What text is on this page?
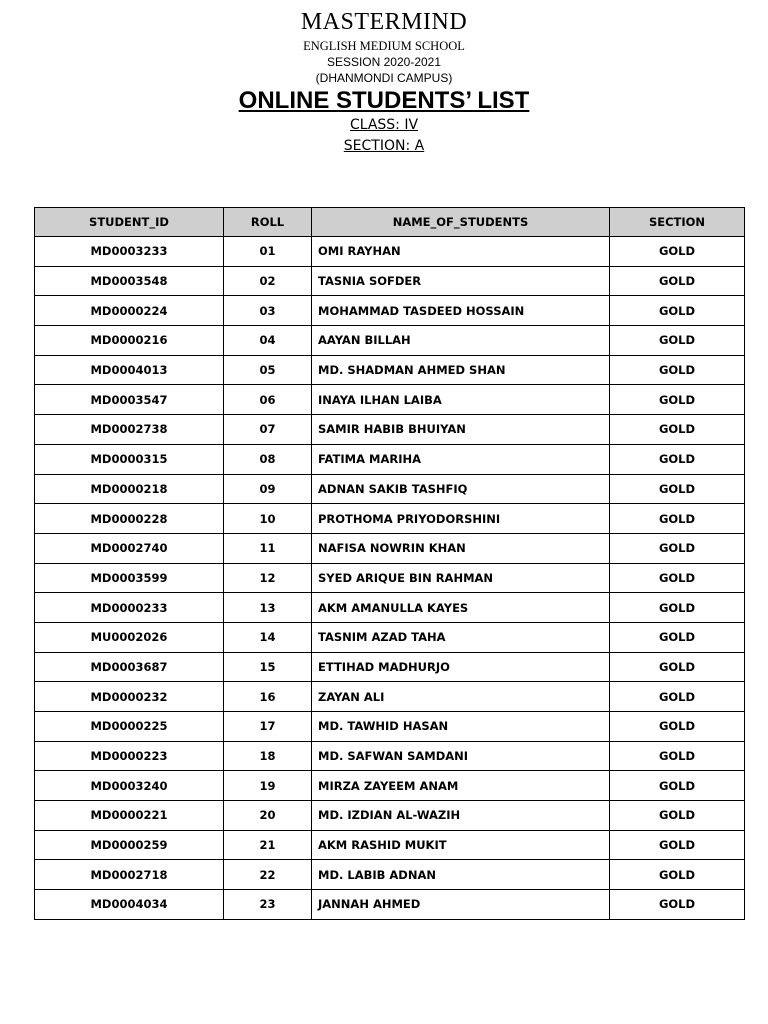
MASTERMIND
ENGLISH MEDIUM SCHOOL
SESSION 2020-2021
(DHANMONDI CAMPUS)
ONLINE STUDENTS’ LIST
CLASS: IV
SECTION: A
STUDENT_ID	ROLL	NAME_OF_STUDENTS	SECTION
MD0003233	01	OMI RAYHAN	GOLD
MD0003548	02	TASNIA SOFDER	GOLD
MD0000224	03	MOHAMMAD TASDEED HOSSAIN	GOLD
MD0000216	04	AAYAN BILLAH	GOLD
MD0004013	05	MD. SHADMAN AHMED SHAN	GOLD
MD0003547	06	INAYA ILHAN LAIBA	GOLD
MD0002738	07	SAMIR HABIB BHUIYAN	GOLD
MD0000315	08	FATIMA MARIHA	GOLD
MD0000218	09	ADNAN SAKIB TASHFIQ	GOLD
MD0000228	10	PROTHOMA PRIYODORSHINI	GOLD
MD0002740	11	NAFISA NOWRIN KHAN	GOLD
MD0003599	12	SYED ARIQUE BIN RAHMAN	GOLD
MD0000233	13	AKM AMANULLA KAYES	GOLD
MU0002026	14	TASNIM AZAD TAHA	GOLD
MD0003687	15	ETTIHAD MADHURJO	GOLD
MD0000232	16	ZAYAN ALI	GOLD
MD0000225	17	MD. TAWHID HASAN	GOLD
MD0000223	18	MD. SAFWAN SAMDANI	GOLD
MD0003240	19	MIRZA ZAYEEM ANAM	GOLD
MD0000221	20	MD. IZDIAN AL-WAZIH	GOLD
MD0000259	21	AKM RASHID MUKIT	GOLD
MD0002718	22	MD. LABIB ADNAN	GOLD
MD0004034	23	JANNAH AHMED	GOLD
